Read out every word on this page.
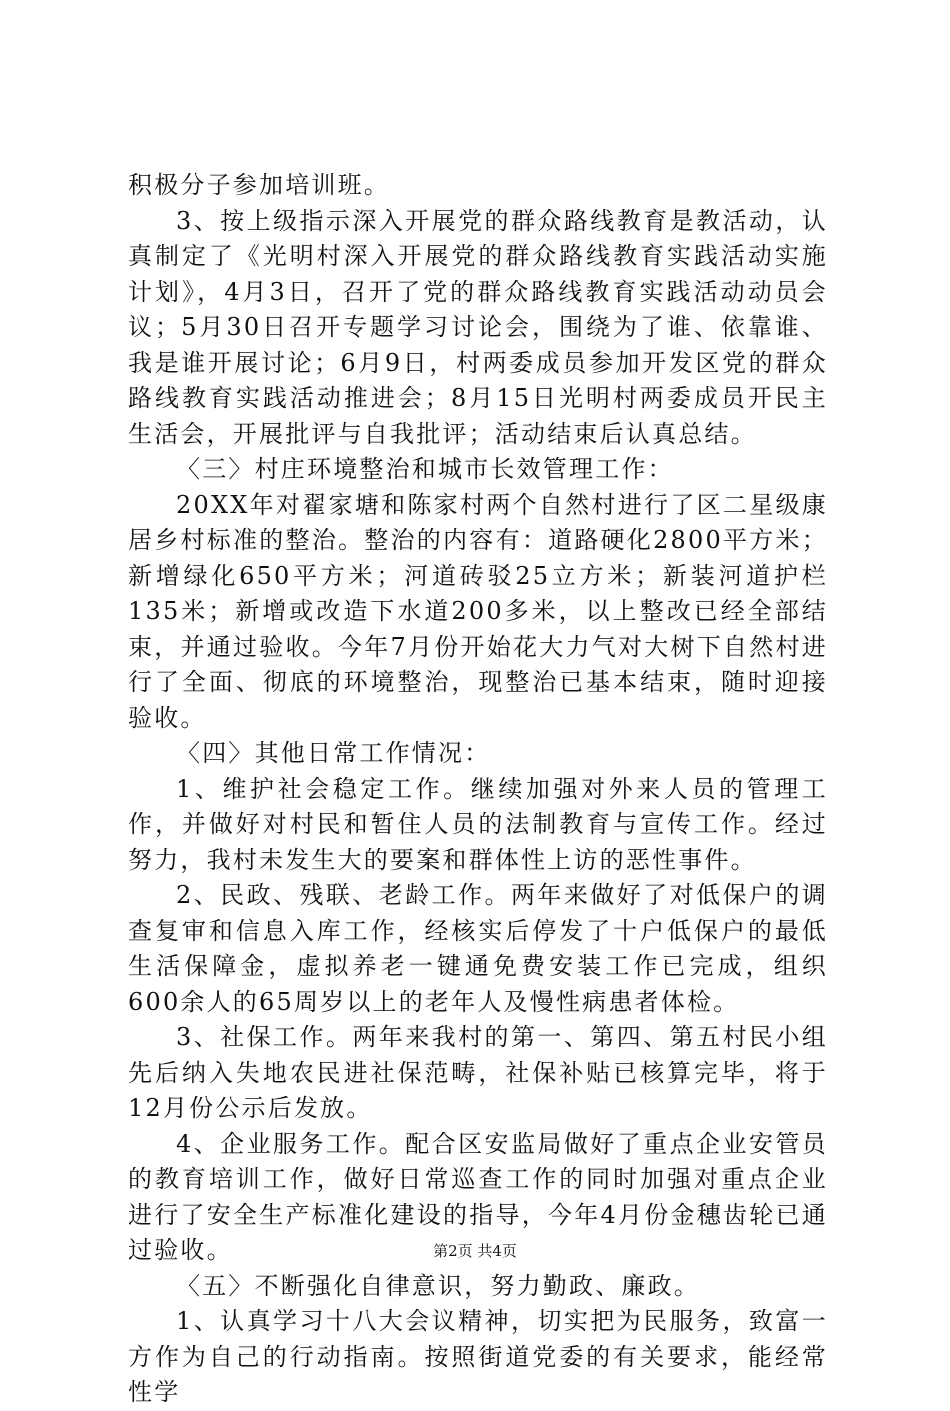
积极分子参加培训班。

3、按上级指示深入开展党的群众路线教育是教活动，认真制定了《光明村深入开展党的群众路线教育实践活动实施计划》，4月3日，召开了党的群众路线教育实践活动动员会议；5月30日召开专题学习讨论会，围绕为了谁、依靠谁、我是谁开展讨论；6月9日，村两委成员参加开发区党的群众路线教育实践活动推进会；8月15日光明村两委成员开民主生活会，开展批评与自我批评；活动结束后认真总结。

〈三〉村庄环境整治和城市长效管理工作：

20XX年对翟家塘和陈家村两个自然村进行了区二星级康居乡村标准的整治。整治的内容有：道路硬化2800平方米；新增绿化650平方米；河道砖驳25立方米；新装河道护栏135米；新增或改造下水道200多米，以上整改已经全部结束，并通过验收。今年7月份开始花大力气对大树下自然村进行了全面、彻底的环境整治，现整治已基本结束，随时迎接验收。

〈四〉其他日常工作情况：

1、维护社会稳定工作。继续加强对外来人员的管理工作，并做好对村民和暂住人员的法制教育与宣传工作。经过努力，我村未发生大的要案和群体性上访的恶性事件。

2、民政、残联、老龄工作。两年来做好了对低保户的调查复审和信息入库工作，经核实后停发了十户低保户的最低生活保障金，虚拟养老一键通免费安装工作已完成，组织600余人的65周岁以上的老年人及慢性病患者体检。

3、社保工作。两年来我村的第一、第四、第五村民小组先后纳入失地农民进社保范畴，社保补贴已核算完毕，将于12月份公示后发放。

4、企业服务工作。配合区安监局做好了重点企业安管员的教育培训工作，做好日常巡查工作的同时加强对重点企业进行了安全生产标准化建设的指导，今年4月份金穗齿轮已通过验收。

〈五〉不断强化自律意识，努力勤政、廉政。

1、认真学习十八大会议精神，切实把为民服务，致富一方作为自己的行动指南。按照街道党委的有关要求，能经常性学

第2页 共4页
